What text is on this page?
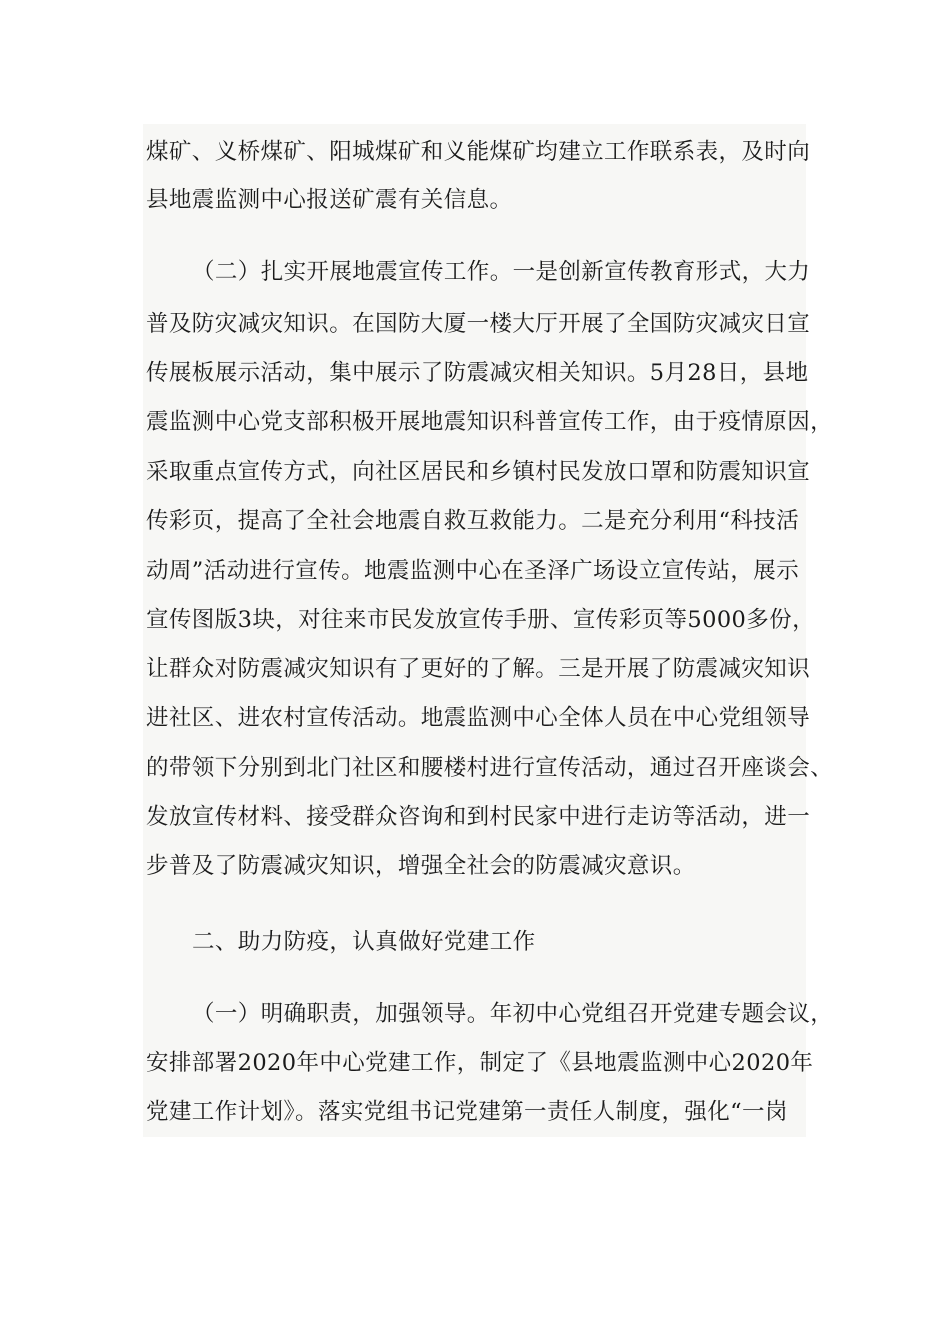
煤矿、义桥煤矿、阳城煤矿和义能煤矿均建立工作联系表，及时向
县地震监测中心报送矿震有关信息。
（二）扎实开展地震宣传工作。一是创新宣传教育形式，大力
普及防灾减灾知识。在国防大厦一楼大厅开展了全国防灾减灾日宣
传展板展示活动，集中展示了防震减灾相关知识。5月28日，县地
震监测中心党支部积极开展地震知识科普宣传工作，由于疫情原因，
采取重点宣传方式，向社区居民和乡镇村民发放口罩和防震知识宣
传彩页，提高了全社会地震自救互救能力。二是充分利用“科技活
动周”活动进行宣传。地震监测中心在圣泽广场设立宣传站，展示
宣传图版3块，对往来市民发放宣传手册、宣传彩页等5000多份，
让群众对防震减灾知识有了更好的了解。三是开展了防震减灾知识
进社区、进农村宣传活动。地震监测中心全体人员在中心党组领导
的带领下分别到北门社区和腰楼村进行宣传活动，通过召开座谈会、
发放宣传材料、接受群众咨询和到村民家中进行走访等活动，进一
步普及了防震减灾知识，增强全社会的防震减灾意识。
二、助力防疫，认真做好党建工作
（一）明确职责，加强领导。年初中心党组召开党建专题会议，
安排部署2020年中心党建工作，制定了《县地震监测中心2020年
党建工作计划》。落实党组书记党建第一责任人制度，强化“一岗
